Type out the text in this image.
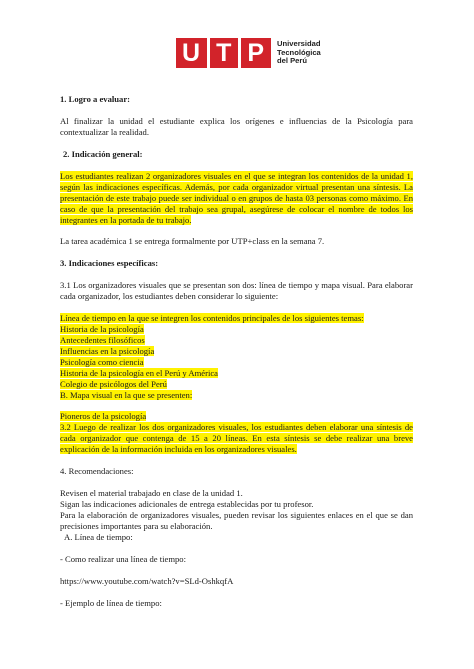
U T P Universidad
Tecnológica
del Perú

1. Logro a evaluar:

Al finalizar la unidad el estudiante explica los orígenes e influencias de la Psicología para contextualizar la realidad.

2. Indicación general:

Los estudiantes realizan 2 organizadores visuales en el que se integran los contenidos de la unidad 1, según las indicaciones específicas. Además, por cada organizador virtual presentan una síntesis. La presentación de este trabajo puede ser individual o en grupos de hasta 03 personas como máximo. En caso de que la presentación del trabajo sea grupal, asegúrese de colocar el nombre de todos los integrantes en la portada de tu trabajo.

La tarea académica 1 se entrega formalmente por UTP+class en la semana 7.

3. Indicaciones específicas:

3.1 Los organizadores visuales que se presentan son dos: línea de tiempo y mapa visual. Para elaborar cada organizador, los estudiantes deben considerar lo siguiente:

Línea de tiempo en la que se integren los contenidos principales de los siguientes temas:
Historia de la psicología
Antecedentes filosóficos
Influencias en la psicología
Psicología como ciencia
Historia de la psicología en el Perú y América
Colegio de psicólogos del Perú
B. Mapa visual en la que se presenten:
Pioneros de la psicología

3.2 Luego de realizar los dos organizadores visuales, los estudiantes deben elaborar una síntesis de cada organizador que contenga de 15 a 20 líneas. En esta síntesis se debe realizar una breve explicación de la información incluida en los organizadores visuales.

4. Recomendaciones:

Revisen el material trabajado en clase de la unidad 1.

Sigan las indicaciones adicionales de entrega establecidas por tu profesor.

Para la elaboración de organizadores visuales, pueden revisar los siguientes enlaces en el que se dan precisiones importantes para su elaboración.

A. Línea de tiempo:

- Como realizar una línea de tiempo:

https://www.youtube.com/watch?v=SLd-OshkqfA

- Ejemplo de línea de tiempo:
